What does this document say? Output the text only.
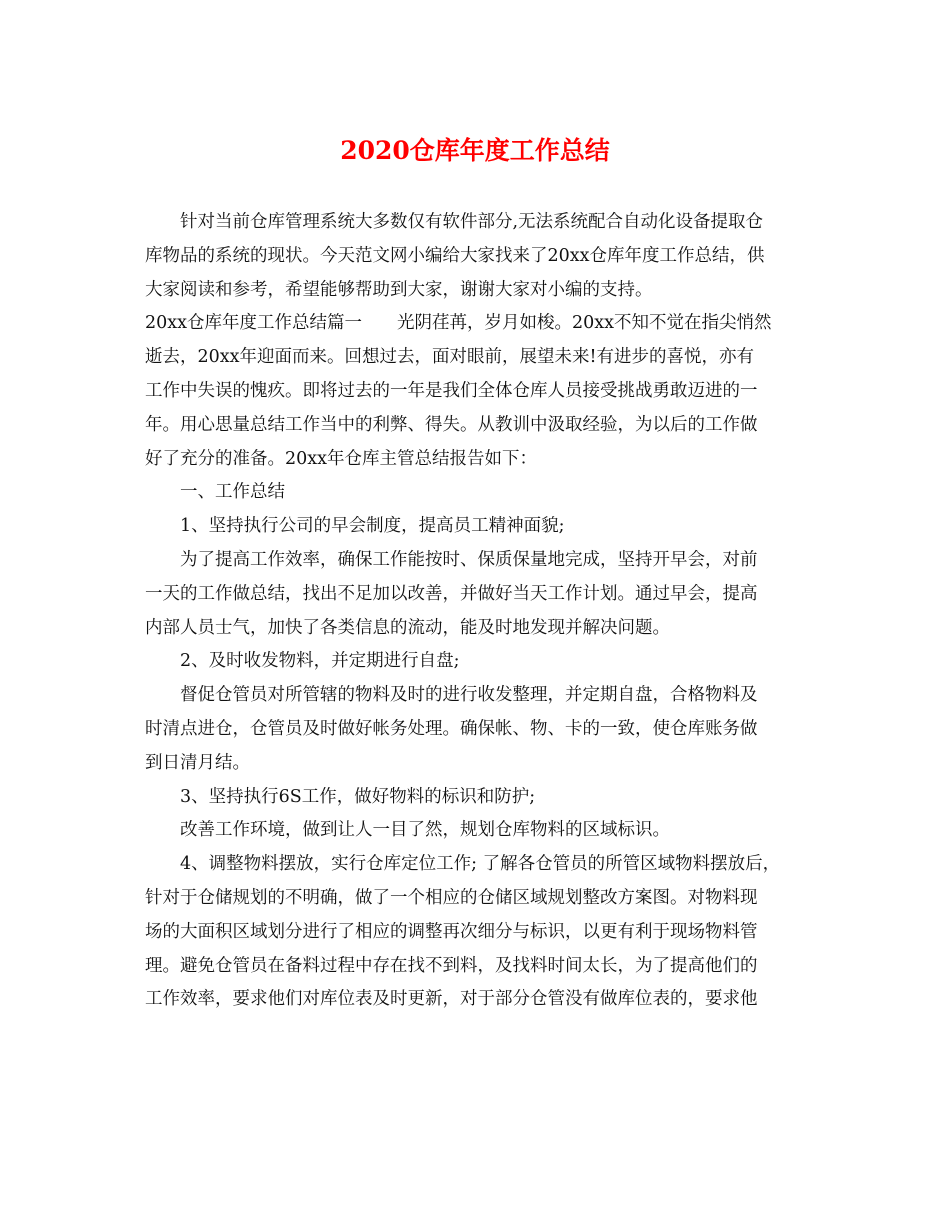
2020仓库年度工作总结
针对当前仓库管理系统大多数仅有软件部分,无法系统配合自动化设备提取仓
库物品的系统的现状。今天范文网小编给大家找来了20xx仓库年度工作总结，供
大家阅读和参考，希望能够帮助到大家，谢谢大家对小编的支持。
20xx仓库年度工作总结篇一　　光阴荏苒，岁月如梭。20xx不知不觉在指尖悄然
逝去，20xx年迎面而来。回想过去，面对眼前，展望未来!有进步的喜悦，亦有
工作中失误的愧疚。即将过去的一年是我们全体仓库人员接受挑战勇敢迈进的一
年。用心思量总结工作当中的利弊、得失。从教训中汲取经验，为以后的工作做
好了充分的准备。20xx年仓库主管总结报告如下：
一、工作总结
1、坚持执行公司的早会制度，提高员工精神面貌;
为了提高工作效率，确保工作能按时、保质保量地完成，坚持开早会，对前
一天的工作做总结，找出不足加以改善，并做好当天工作计划。通过早会，提高
内部人员士气，加快了各类信息的流动，能及时地发现并解决问题。
2、及时收发物料，并定期进行自盘;
督促仓管员对所管辖的物料及时的进行收发整理，并定期自盘，合格物料及
时清点进仓，仓管员及时做好帐务处理。确保帐、物、卡的一致，使仓库账务做
到日清月结。
3、坚持执行6S工作，做好物料的标识和防护;
改善工作环境，做到让人一目了然，规划仓库物料的区域标识。
4、调整物料摆放，实行仓库定位工作; 了解各仓管员的所管区域物料摆放后，
针对于仓储规划的不明确，做了一个相应的仓储区域规划整改方案图。对物料现
场的大面积区域划分进行了相应的调整再次细分与标识，以更有利于现场物料管
理。避免仓管员在备料过程中存在找不到料，及找料时间太长，为了提高他们的
工作效率，要求他们对库位表及时更新，对于部分仓管没有做库位表的，要求他
